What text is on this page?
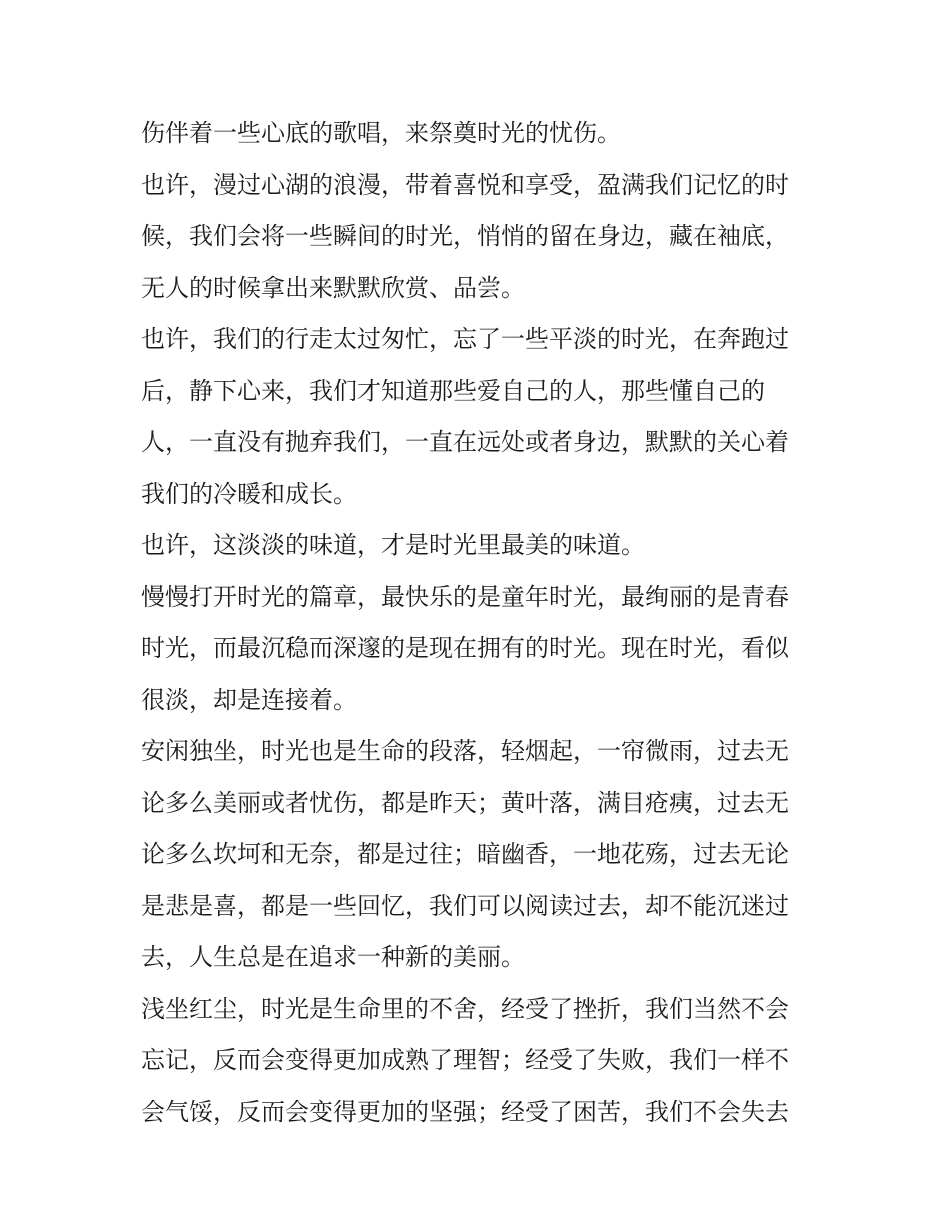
伤伴着一些心底的歌唱，来祭奠时光的忧伤。
也许，漫过心湖的浪漫，带着喜悦和享受，盈满我们记忆的时
候，我们会将一些瞬间的时光，悄悄的留在身边，藏在袖底，
无人的时候拿出来默默欣赏、品尝。
也许，我们的行走太过匆忙，忘了一些平淡的时光，在奔跑过
后，静下心来，我们才知道那些爱自己的人，那些懂自己的
人，一直没有抛弃我们，一直在远处或者身边，默默的关心着
我们的冷暖和成长。
也许，这淡淡的味道，才是时光里最美的味道。
慢慢打开时光的篇章，最快乐的是童年时光，最绚丽的是青春
时光，而最沉稳而深邃的是现在拥有的时光。现在时光，看似
很淡，却是连接着。
安闲独坐，时光也是生命的段落，轻烟起，一帘微雨，过去无
论多么美丽或者忧伤，都是昨天；黄叶落，满目疮痍，过去无
论多么坎坷和无奈，都是过往；暗幽香，一地花殇，过去无论
是悲是喜，都是一些回忆，我们可以阅读过去，却不能沉迷过
去，人生总是在追求一种新的美丽。
浅坐红尘，时光是生命里的不舍，经受了挫折，我们当然不会
忘记，反而会变得更加成熟了理智；经受了失败，我们一样不
会气馁，反而会变得更加的坚强；经受了困苦，我们不会失去
